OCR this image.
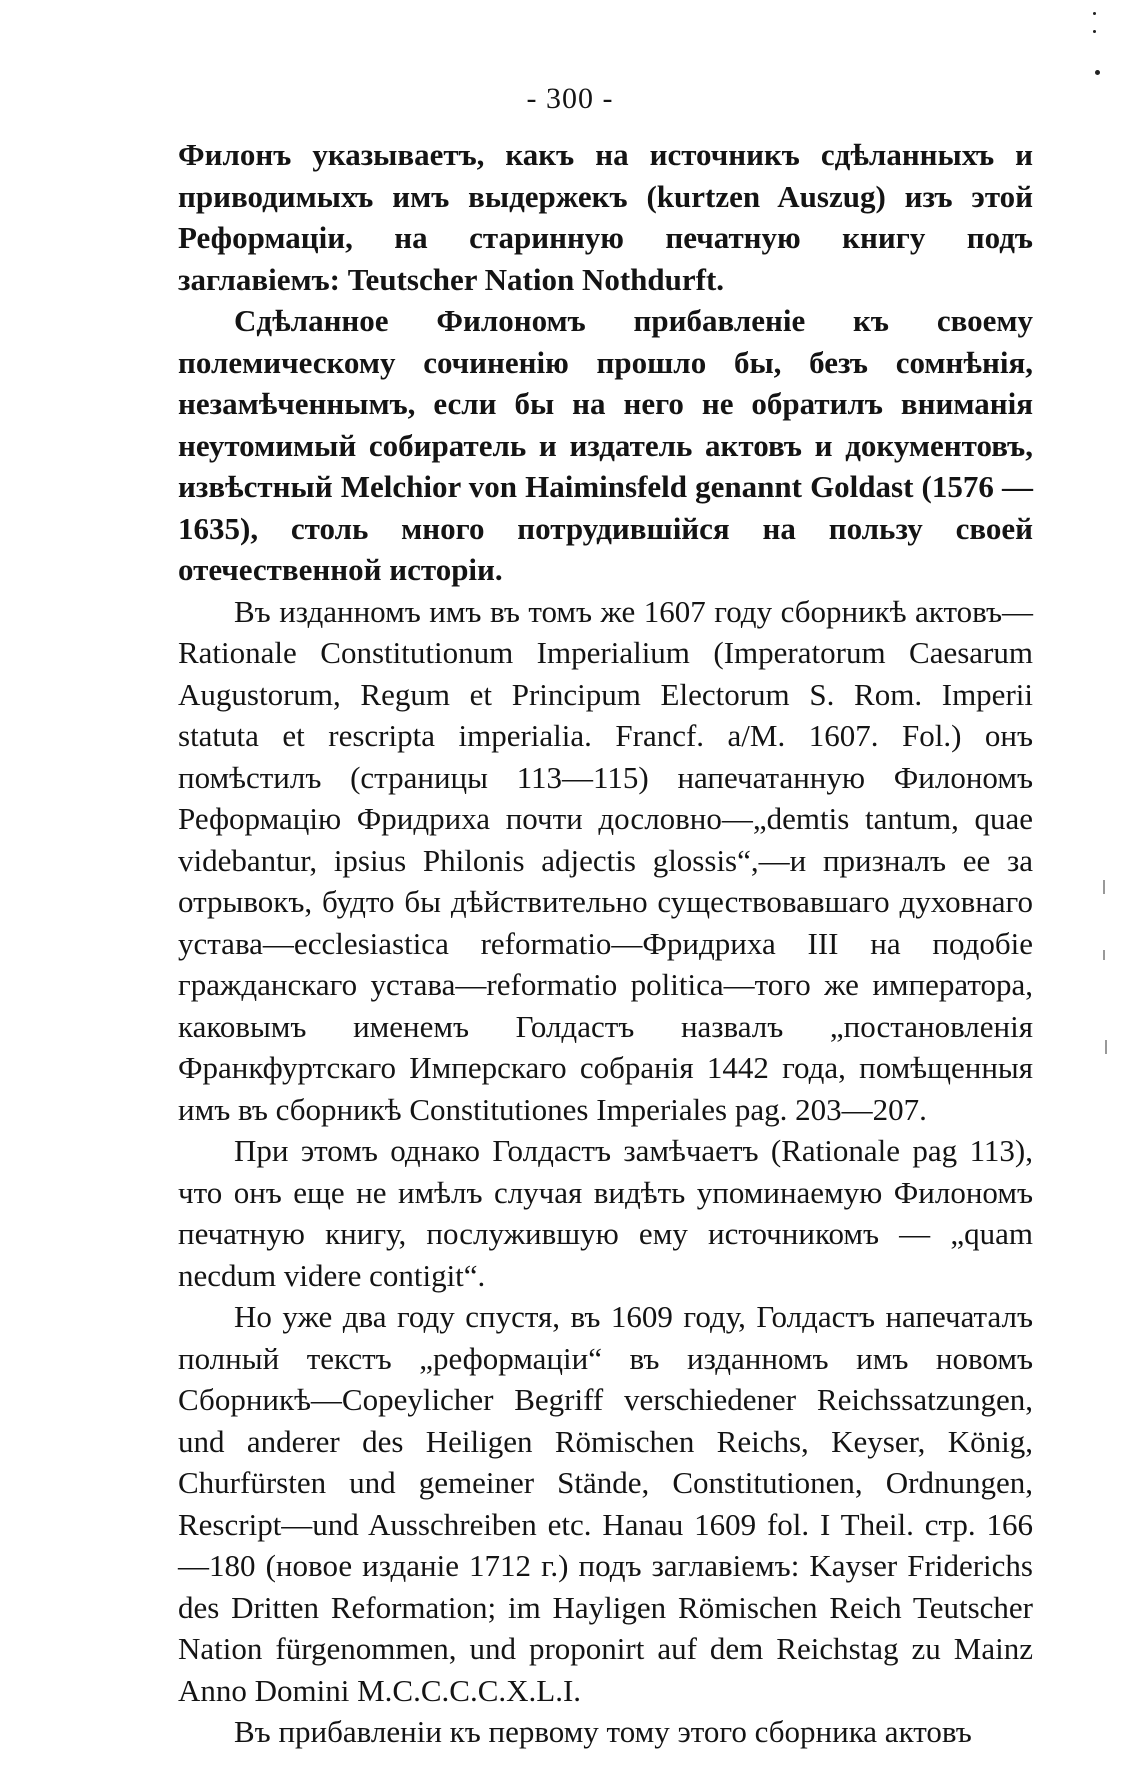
- 300 -

Филонъ указываетъ, какъ на источникъ сдѣланныхъ и приводимыхъ имъ выдержекъ (kurtzen Auszug) изъ этой Реформаціи, на старинную печатную книгу подъ заглавіемъ: Teutscher Nation Nothdurft.

Сдѣланное Филономъ прибавленіе къ своему полемическому сочиненію прошло бы, безъ сомнѣнія, незамѣченнымъ, если бы на него не обратилъ вниманія неутомимый собиратель и издатель актовъ и документовъ, извѣстный Melchior von Haiminsfeld genannt Goldast (1576 — 1635), столь много потрудившійся на пользу своей отечественной исторіи.

Въ изданномъ имъ въ томъ же 1607 году сборникѣ актовъ—Rationale Constitutionum Imperialium (Imperatorum Caesarum Augustorum, Regum et Principum Electorum S. Rom. Imperii statuta et rescripta imperialia. Francf. a/M. 1607. Fol.) онъ помѣстилъ (страницы 113—115) напечатанную Филономъ Реформацію Фридриха почти дословно—„demtis tantum, quae videbantur, ipsius Philonis adjectis glossis“,—и призналъ ее за отрывокъ, будто бы дѣйствительно существовавшаго духовнаго устава—ecclesiastica reformatio—Фридриха III на подобіе гражданскаго устава—reformatio politica—того же императора, каковымъ именемъ Голдастъ назвалъ „постановленія Франкфуртскаго Имперскаго собранія 1442 года, помѣщенныя имъ въ сборникѣ Constitutiones Imperiales pag. 203—207.

При этомъ однако Голдастъ замѣчаетъ (Rationale pag 113), что онъ еще не имѣлъ случая видѣть упоминаемую Филономъ печатную книгу, послужившую ему источникомъ — „quam necdum videre contigit“.

Но уже два году спустя, въ 1609 году, Голдастъ напечаталъ полный текстъ „реформаціи“ въ изданномъ имъ новомъ Сборникѣ—Copeylicher Begriff verschiedener Reichssatzungen, und anderer des Heiligen Römischen Reichs, Keyser, König, Churfürsten und gemeiner Stände, Constitutionen, Ordnungen, Rescript—und Ausschreiben etc. Hanau 1609 fol. I Theil. стр. 166—180 (новое изданіе 1712 г.) подъ заглавіемъ: Kayser Friderichs des Dritten Reformation; im Hayligen Römischen Reich Teutscher Nation fürgenommen, und proponirt auf dem Reichstag zu Mainz Anno Domini M.C.C.C.C.X.L.I.

Въ прибавленіи къ первому тому этого сборника актовъ
